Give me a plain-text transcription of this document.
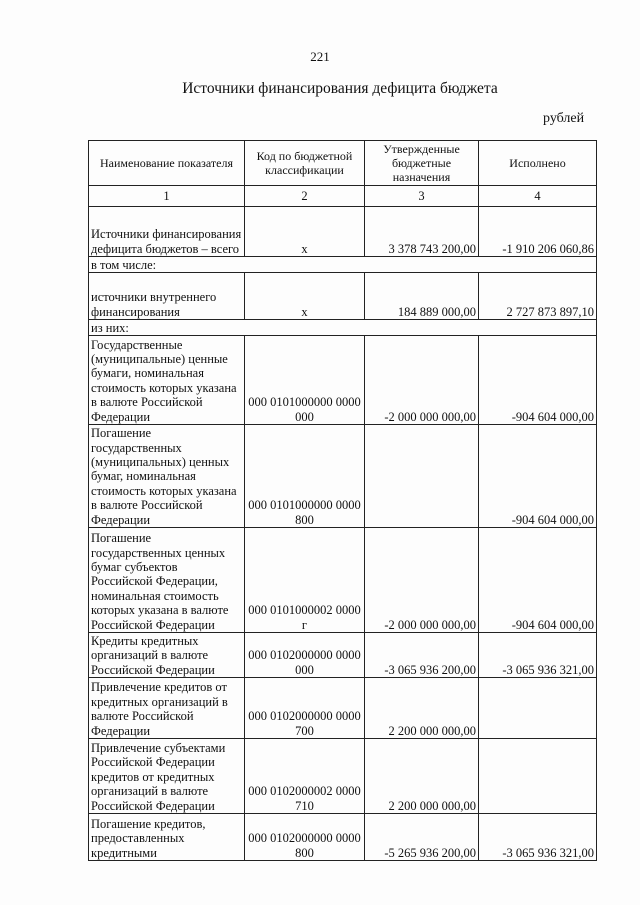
221
Источники финансирования дефицита бюджета
рублей
Наименование показателя	Код по бюджетной классификации	Утвержденные бюджетные назначения	Исполнено
1	2	3	4
Источники финансирования дефицита бюджетов – всего	x	3 378 743 200,00	-1 910 206 060,86
в том числе:			
источники внутреннего финансирования	x	184 889 000,00	2 727 873 897,10
из них:			
Государственные (муниципальные) ценные бумаги, номинальная стоимость которых указана в валюте Российской Федерации	000 0101000000 0000 000	-2 000 000 000,00	-904 604 000,00
Погашение государственных (муниципальных) ценных бумаг, номинальная стоимость которых указана в валюте Российской Федерации	000 0101000000 0000 800		-904 604 000,00
Погашение государственных ценных бумаг субъектов Российской Федерации, номинальная стоимость которых указана в валюте Российской Федерации	000 0101000002 0000 г	-2 000 000 000,00	-904 604 000,00
Кредиты кредитных организаций в валюте Российской Федерации	000 0102000000 0000 000	-3 065 936 200,00	-3 065 936 321,00
Привлечение кредитов от кредитных организаций в валюте Российской Федерации	000 0102000000 0000 700	2 200 000 000,00	
Привлечение субъектами Российской Федерации кредитов от кредитных организаций в валюте Российской Федерации	000 0102000002 0000 710	2 200 000 000,00	
Погашение кредитов, предоставленных кредитными	000 0102000000 0000 800	-5 265 936 200,00	-3 065 936 321,00
